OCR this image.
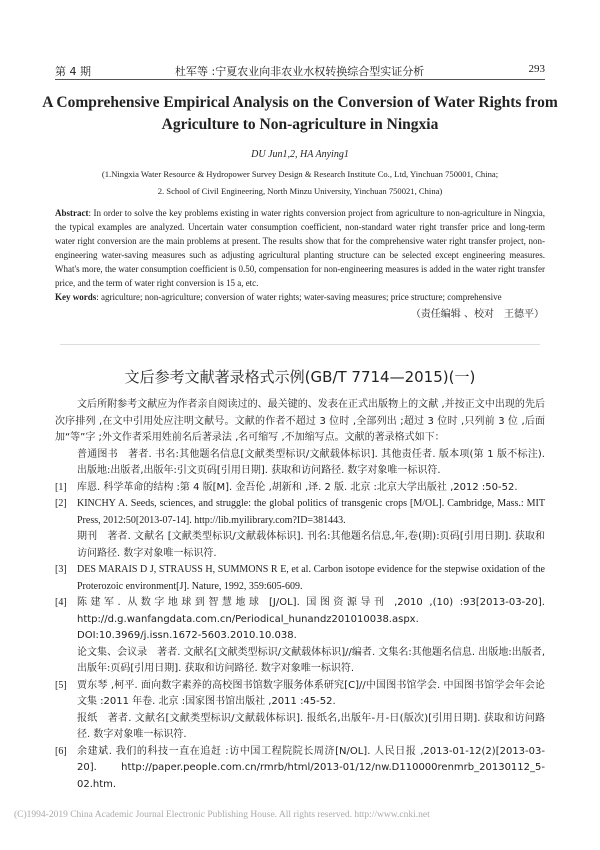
第 4 期	杜军等 :宁夏农业向非农业水权转换综合型实证分析	293
A Comprehensive Empirical Analysis on the Conversion of Water Rights from Agriculture to Non-agriculture in Ningxia
DU Jun1,2, HA Anying1
(1.Ningxia Water Resource & Hydropower Survey Design & Research Institute Co., Ltd, Yinchuan 750001, China;
2. School of Civil Engineering, North Minzu University, Yinchuan 750021, China)

Abstract: In order to solve the key problems existing in water rights conversion project from agriculture to non-agriculture in Ningxia, the typical examples are analyzed. Uncertain water consumption coefficient, non-standard water right transfer price and long-term water right conversion are the main problems at present. The results show that for the comprehensive water right transfer project, non-engineering water-saving measures such as adjusting agricultural planting structure can be selected except engineering measures. What's more, the water consumption coefficient is 0.50, compensation for non-engineering measures is added in the water right transfer price, and the term of water right conversion is 15 a, etc.

Key words: agriculture; non-agriculture; conversion of water rights; water-saving measures; price structure; comprehensive

（责任编辑 、校对　王德平）
文后参考文献著录格式示例(GB/T 7714—2015)(一)

文后所附参考文献应为作者亲自阅读过的、最关键的、发表在正式出版物上的文献 ,并按正文中出现的先后次序排列 ,在文中引用处应注明文献号。文献的作者不超过 3 位时 ,全部列出 ;超过 3 位时 ,只列前 3 位 ,后面加“等”字 ;外文作者采用姓前名后著录法 ,名可缩写 ,不加缩写点。文献的著录格式如下：

普通图书　著者. 书名:其他题名信息[文献类型标识/文献载体标识]. 其他责任者. 版本项(第 1 版不标注). 出版地:出版者,出版年:引文页码[引用日期]. 获取和访问路径. 数字对象唯一标识符.

[1] 库恩. 科学革命的结构 :第 4 版[M]. 金吾伦 ,胡新和 ,译. 2 版. 北京 :北京大学出版社 ,2012 :50-52.
[2] KINCHY A. Seeds, sciences, and struggle: the global politics of transgenic crops [M/OL]. Cambridge, Mass.: MIT Press, 2012:50[2013-07-14]. http://lib.myilibrary.com?ID=381443.

期刊　著者. 文献名 [文献类型标识/文献载体标识]. 刊名:其他题名信息,年,卷(期):页码[引用日期]. 获取和访问路径. 数字对象唯一标识符.

[3] DES MARAIS D J, STRAUSS H, SUMMONS R E, et al. Carbon isotope evidence for the stepwise oxidation of the Proterozoic environment[J]. Nature, 1992, 359:605-609.
[4] 陈建军. 从数字地球到智慧地球 [J/OL]. 国图资源导刊 ,2010 ,(10) :93[2013-03-20]. http://d.g.wanfangdata.com.cn/Periodical_hunandz201010038.aspx. DOI:10.3969/j.issn.1672-5603.2010.10.038.

论文集、会议录　著者. 文献名[文献类型标识/文献载体标识]//编者. 文集名:其他题名信息. 出版地:出版者,出版年:页码[引用日期]. 获取和访问路径. 数字对象唯一标识符.

[5] 贾东琴 ,柯平. 面向数字素养的高校图书馆数字服务体系研究[C]//中国图书馆学会. 中国图书馆学会年会论文集 :2011 年卷. 北京 :国家图书馆出版社 ,2011 :45-52.

报纸　著者. 文献名[文献类型标识/文献载体标识]. 报纸名,出版年-月-日(版次)[引用日期]. 获取和访问路径. 数字对象唯一标识符.

[6] 余建斌. 我们的科技一直在追赶 :访中国工程院院长周济[N/OL]. 人民日报 ,2013-01-12(2)[2013-03-20]. http://paper.people.com.cn/rmrb/html/2013-01/12/nw.D110000renmrb_20130112_5-02.htm.
(C)1994-2019 China Academic Journal Electronic Publishing House. All rights reserved. http://www.cnki.net
